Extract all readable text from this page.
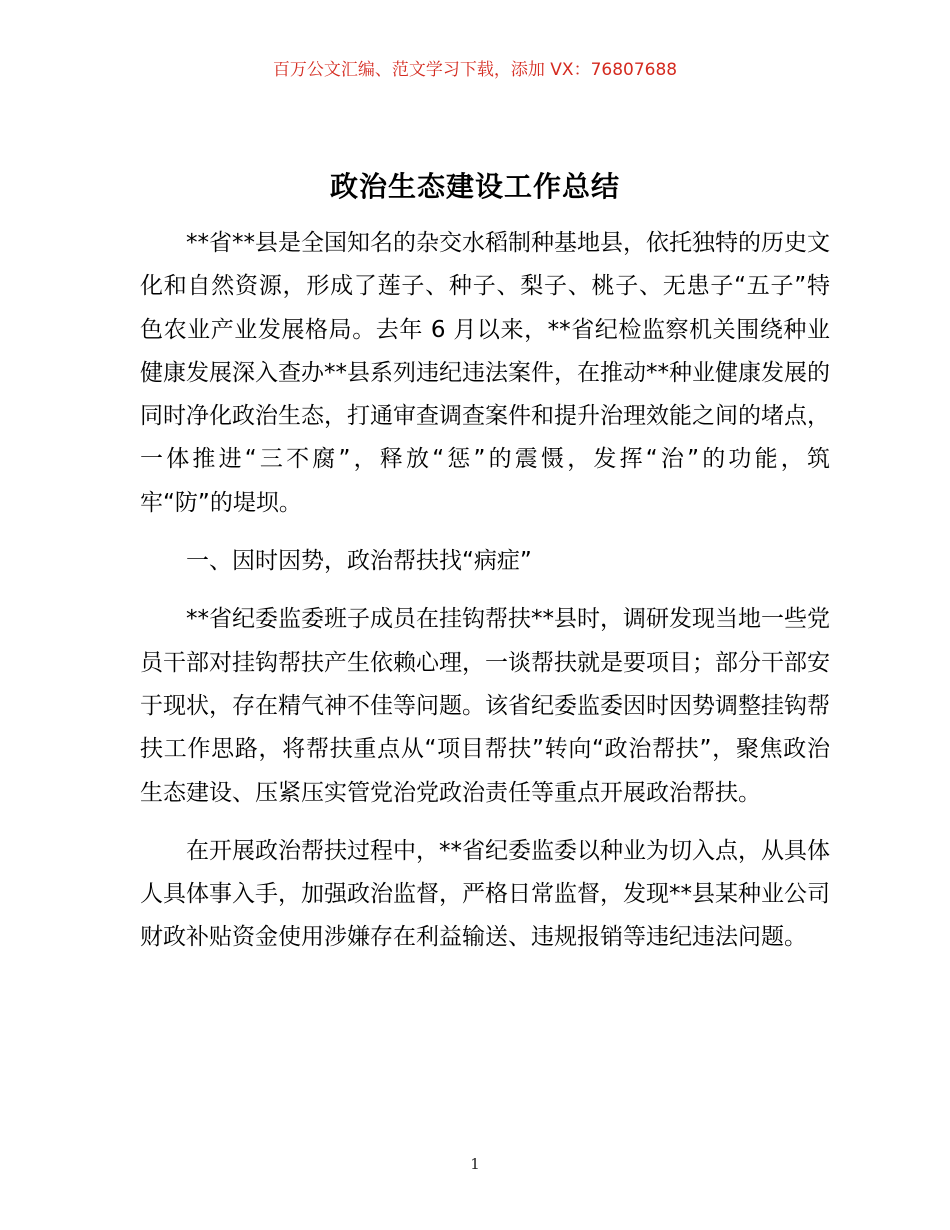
百万公文汇编、范文学习下载，添加 VX：76807688
政治生态建设工作总结

**省**县是全国知名的杂交水稻制种基地县，依托独特的历史文化和自然资源，形成了莲子、种子、梨子、桃子、无患子“五子”特色农业产业发展格局。去年 6 月以来，**省纪检监察机关围绕种业健康发展深入查办**县系列违纪违法案件，在推动**种业健康发展的同时净化政治生态，打通审查调查案件和提升治理效能之间的堵点，一体推进“三不腐”，释放“惩”的震慑，发挥“治”的功能，筑牢“防”的堤坝。

一、因时因势，政治帮扶找“病症”

**省纪委监委班子成员在挂钩帮扶**县时，调研发现当地一些党员干部对挂钩帮扶产生依赖心理，一谈帮扶就是要项目；部分干部安于现状，存在精气神不佳等问题。该省纪委监委因时因势调整挂钩帮扶工作思路，将帮扶重点从“项目帮扶”转向“政治帮扶”，聚焦政治生态建设、压紧压实管党治党政治责任等重点开展政治帮扶。

在开展政治帮扶过程中，**省纪委监委以种业为切入点，从具体人具体事入手，加强政治监督，严格日常监督，发现**县某种业公司财政补贴资金使用涉嫌存在利益输送、违规报销等违纪违法问题。

1
